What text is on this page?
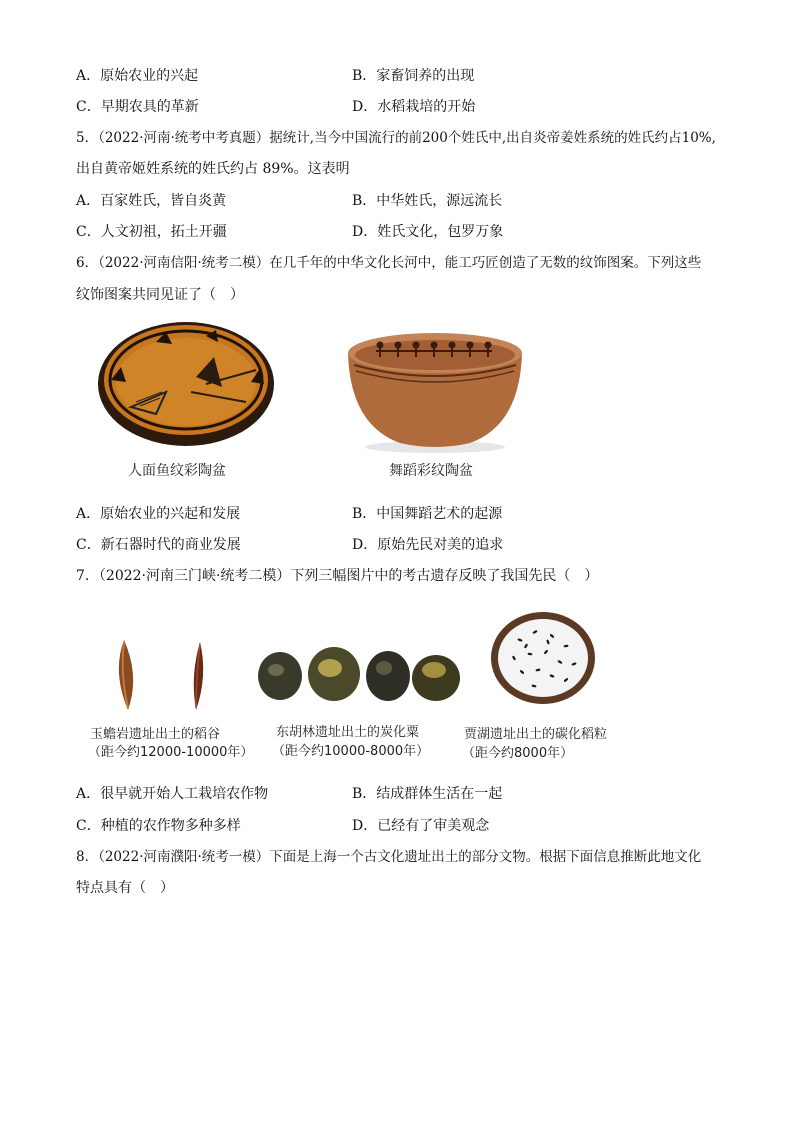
A．原始农业的兴起	B．家畜饲养的出现
C．早期农具的革新	D．水稻栽培的开始
5．（2022·河南·统考中考真题）据统计,当今中国流行的前200个姓氏中,出自炎帝姜姓系统的姓氏约占10%,
出自黄帝姬姓系统的姓氏约占 89%。这表明
A．百家姓氏，皆自炎黄	B．中华姓氏，源远流长
C．人文初祖，拓土开疆	D．姓氏文化，包罗万象
6．（2022·河南信阳·统考二模）在几千年的中华文化长河中，能工巧匠创造了无数的纹饰图案。下列这些
纹饰图案共同见证了（　）
人面鱼纹彩陶盆	舞蹈彩纹陶盆
A．原始农业的兴起和发展	B．中国舞蹈艺术的起源
C．新石器时代的商业发展	D．原始先民对美的追求
7．（2022·河南三门峡·统考二模）下列三幅图片中的考古遗存反映了我国先民（　）
玉蟾岩遗址出土的稻谷
（距今约12000-10000年）
东胡林遗址出土的炭化粟
（距今约10000-8000年）
贾湖遗址出土的碳化稻粒
（距今约8000年）
A．很早就开始人工栽培农作物	B．结成群体生活在一起
C．种植的农作物多种多样	D．已经有了审美观念
8．（2022·河南濮阳·统考一模）下面是上海一个古文化遗址出土的部分文物。根据下面信息推断此地文化
特点具有（　）
